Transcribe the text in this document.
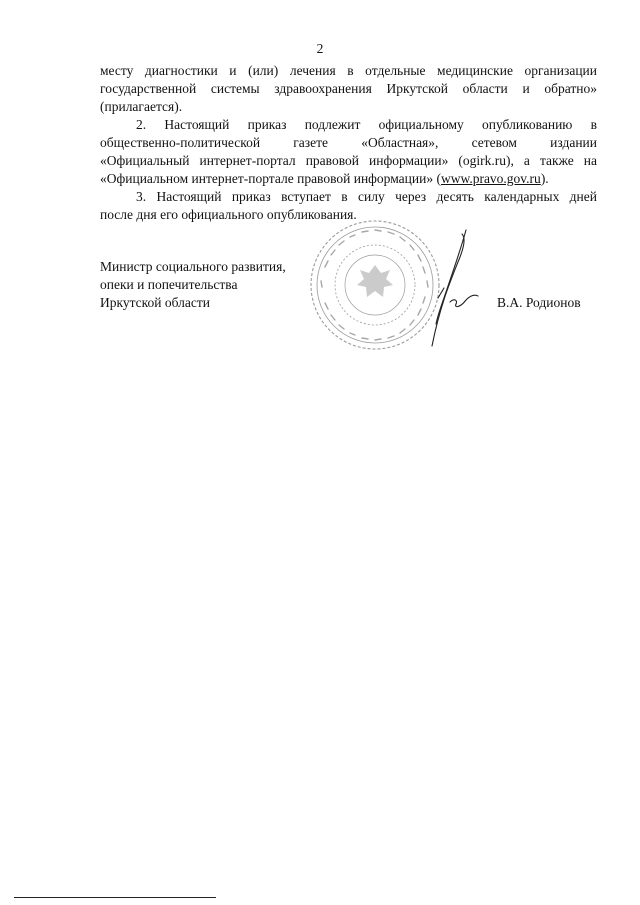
2
месту диагностики и (или) лечения в отдельные медицинские организации
государственной системы здравоохранения Иркутской области и обратно»
(прилагается).
2. Настоящий приказ подлежит официальному опубликованию в
общественно-политической газете «Областная», сетевом издании
«Официальный интернет-портал правовой информации» (ogirk.ru), а также на
«Официальном интернет-портале правовой информации» (www.pravo.gov.ru).
3. Настоящий приказ вступает в силу через десять календарных дней
после дня его официального опубликования.
Министр социального развития,
опеки и попечительства
Иркутской области	В.А. Родионов
